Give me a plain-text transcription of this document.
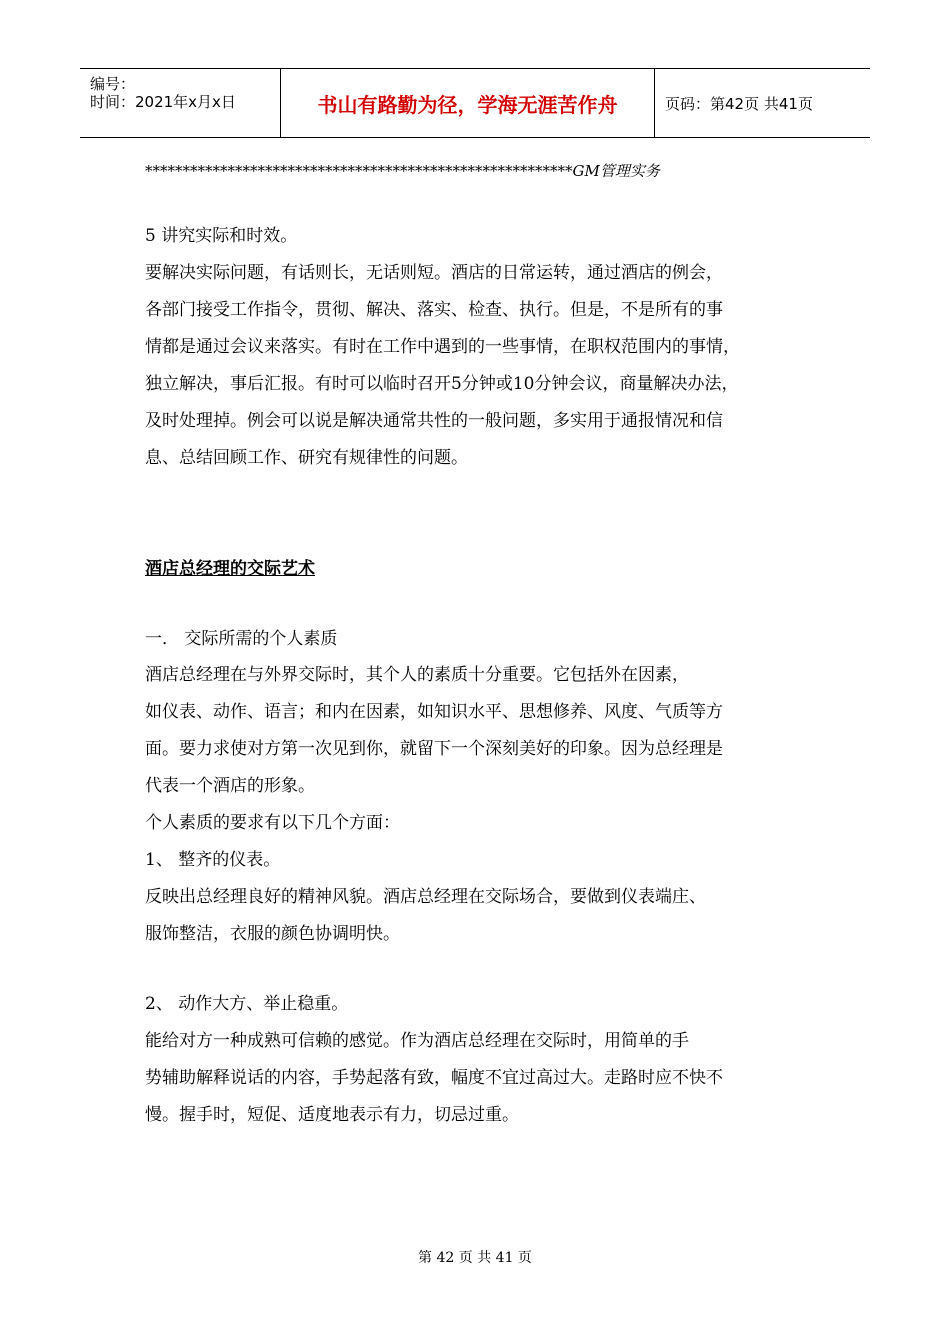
编号：
时间：2021年x月x日	书山有路勤为径，学海无涯苦作舟	页码：第42页 共41页
*********************************************************GM管理实务
5 讲究实际和时效。
要解决实际问题，有话则长，无话则短。酒店的日常运转，通过酒店的例会，
各部门接受工作指令，贯彻、解决、落实、检查、执行。但是，不是所有的事
情都是通过会议来落实。有时在工作中遇到的一些事情，在职权范围内的事情，
独立解决，事后汇报。有时可以临时召开5分钟或10分钟会议，商量解决办法，
及时处理掉。例会可以说是解决通常共性的一般问题，多实用于通报情况和信
息、总结回顾工作、研究有规律性的问题。
酒店总经理的交际艺术
一． 交际所需的个人素质
酒店总经理在与外界交际时，其个人的素质十分重要。它包括外在因素，
如仪表、动作、语言；和内在因素，如知识水平、思想修养、风度、气质等方
面。要力求使对方第一次见到你，就留下一个深刻美好的印象。因为总经理是
代表一个酒店的形象。
个人素质的要求有以下几个方面：
1、 整齐的仪表。
反映出总经理良好的精神风貌。酒店总经理在交际场合，要做到仪表端庄、
服饰整洁，衣服的颜色协调明快。
2、 动作大方、举止稳重。
能给对方一种成熟可信赖的感觉。作为酒店总经理在交际时，用简单的手
势辅助解释说话的内容，手势起落有致，幅度不宜过高过大。走路时应不快不
慢。握手时，短促、适度地表示有力，切忌过重。
第 42 页 共 41 页
